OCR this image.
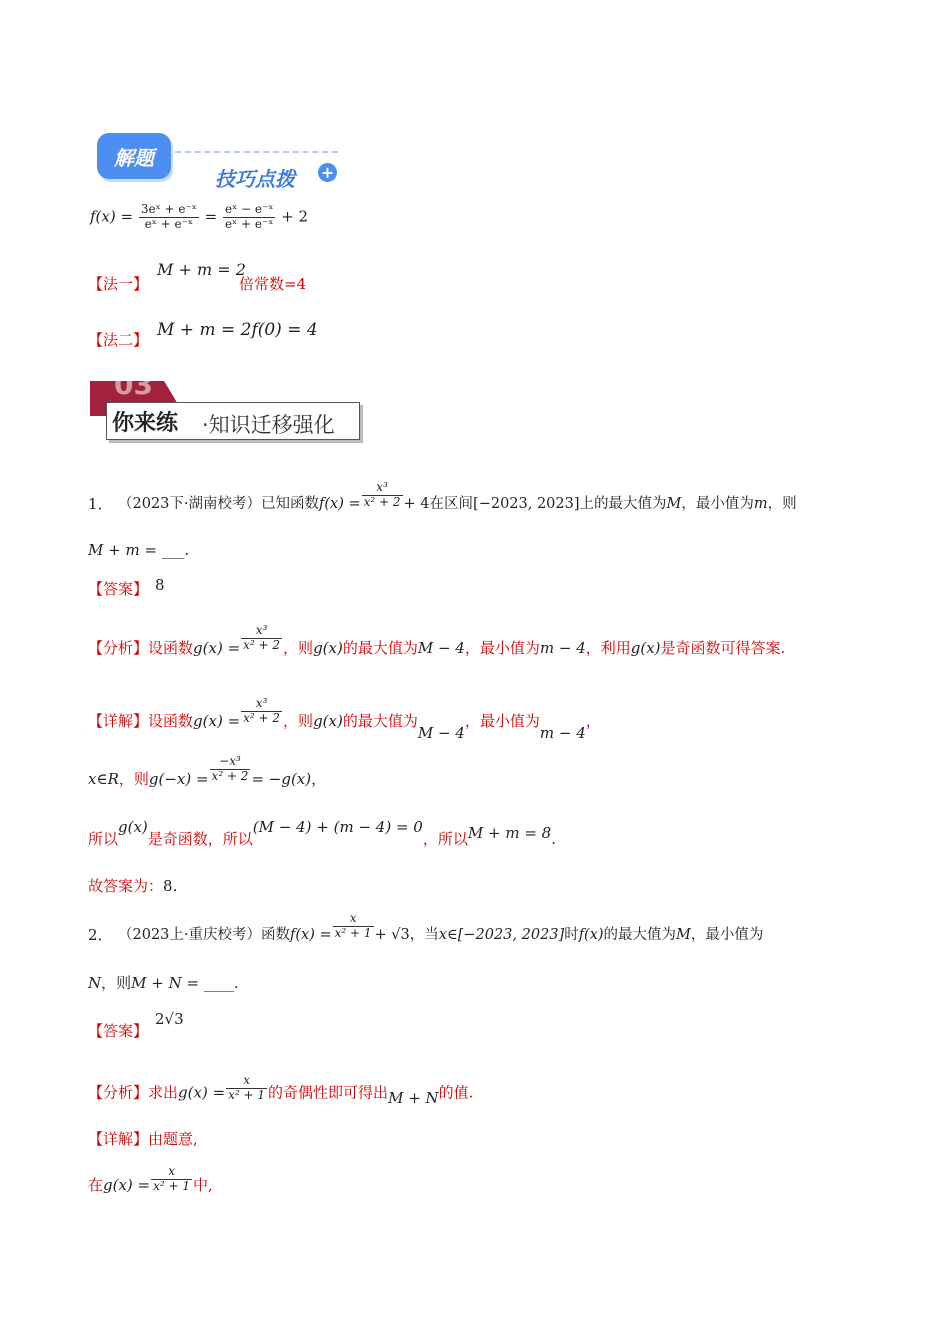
解题
技巧点拨 +
$f(x) = \frac{\text{3eˣ + e⁻ˣ}}{\text{eˣ + e⁻ˣ}} = \frac{\text{eˣ − e⁻ˣ}}{\text{eˣ + e⁻ˣ}} + 2$
【法一】
M + m = 2
倍常数=4
【法二】 M + m = 2f(0) = 4
03
你来练 ·知识迁移强化
1． （2023下·湖南校考）已知函数$f(x) = \frac{\text{x³}}{\text{x² + 2}} + 4$在区间[−2023, 2023]上的最大值为M，最小值为m，则
M + m = ___.
【答案】 8
【分析】设函数$g(x) = \frac{\text{x³}}{\text{x² + 2}}$ ，则g(x)的最大值为M − 4，最小值为m − 4，利用g(x)是奇函数可得答案.
【详解】设函数$g(x) = \frac{\text{x³}}{\text{x² + 2}}$ ，则g(x)的最大值为M − 4，最小值为m − 4，
x∈R，则$g(-x) = \frac{\text{−x³}}{\text{x² + 2}} = -g(x)$，
所以g(x)是奇函数，所以(M − 4) + (m − 4) = 0，所以M + m = 8.
故答案为：8.
2． （2023上·重庆校考）函数$f(x) = \frac{x}{\text{x² + 1}} + √3$，当x∈[−2023, 2023]时f(x)的最大值为M，最小值为
N，则M + N = ____.
【答案】
2√3
【分析】求出$g(x) = \frac{x}{\text{x² + 1}}$ 的奇偶性即可得出M + N的值.
【详解】由题意,
在$g(x) = \frac{x}{\text{x² + 1}}$ 中,
